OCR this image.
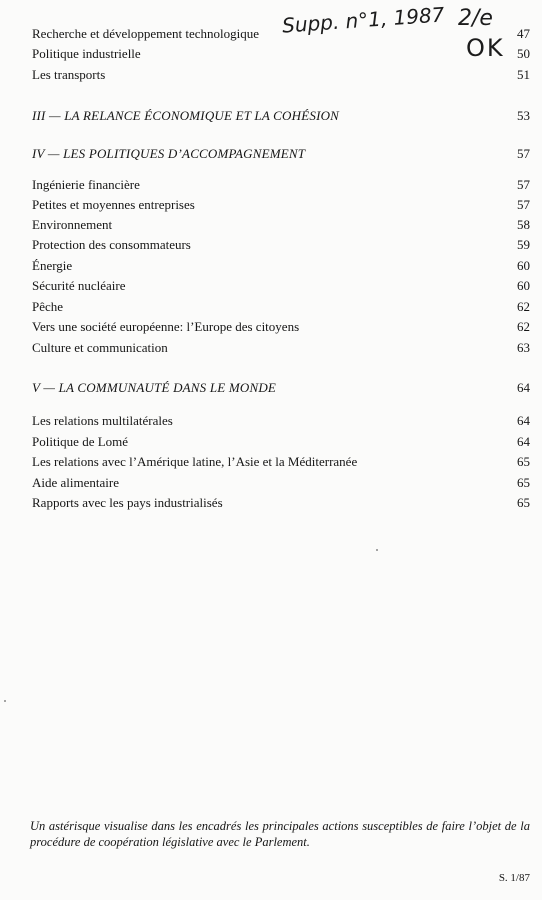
Supp. n°1, 1987 2/e
OK
Recherche et développement technologique	47
Politique industrielle	50
Les transports	51
III — LA RELANCE ÉCONOMIQUE ET LA COHÉSION	53
IV — LES POLITIQUES D’ACCOMPAGNEMENT	57
Ingénierie financière	57
Petites et moyennes entreprises	57
Environnement	58
Protection des consommateurs	59
Énergie	60
Sécurité nucléaire	60
Pêche	62
Vers une société européenne: l’Europe des citoyens	62
Culture et communication	63
V — LA COMMUNAUTÉ DANS LE MONDE	64
Les relations multilatérales	64
Politique de Lomé	64
Les relations avec l’Amérique latine, l’Asie et la Méditerranée	65
Aide alimentaire	65
Rapports avec les pays industrialisés	65
Un astérisque visualise dans les encadrés les principales actions susceptibles de faire l’objet de la procédure de coopération législative avec le Parlement.
S. 1/87
